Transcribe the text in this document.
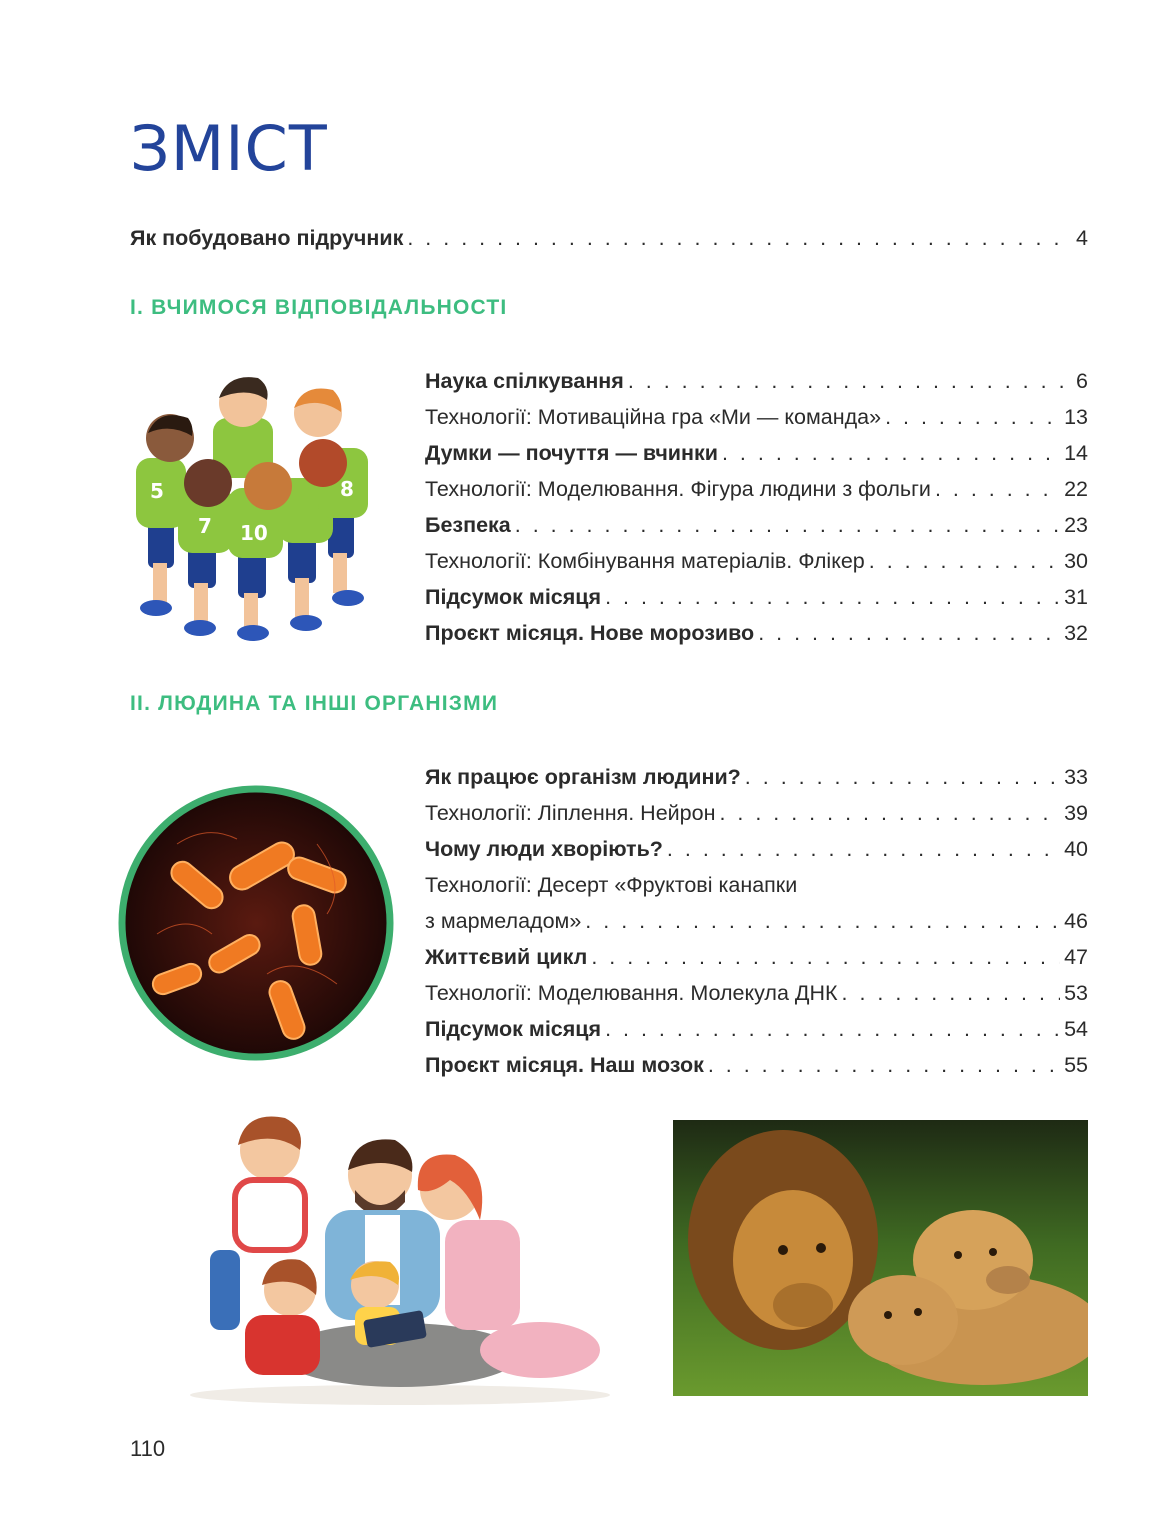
ЗМІСТ
Як побудовано підручник . . .	4
І. ВЧИМОСЯ ВІДПОВІДАЛЬНОСТІ
5
7 10
8
Наука спілкування . . .	6
Технології: Мотиваційна гра «Ми — команда» . . .	13
Думки — почуття — вчинки . . .	14
Технології: Моделювання. Фігура людини з фольги . . .	22
Безпека . . .	23
Технології: Комбінування матеріалів. Флікер . . .	30
Підсумок місяця . . .	31
Проєкт місяця. Нове морозиво . . .	32
ІІ. ЛЮДИНА ТА ІНШІ ОРГАНІЗМИ
Як працює організм людини? . . .	33
Технології: Ліплення. Нейрон . . .	39
Чому люди хворіють? . . .	40
Технології: Десерт «Фруктові канапки
з мармеладом» . . .	46
Життєвий цикл . . .	47
Технології: Моделювання. Молекула ДНК . . .	53
Підсумок місяця . . .	54
Проєкт місяця. Наш мозок . . .	55
110
